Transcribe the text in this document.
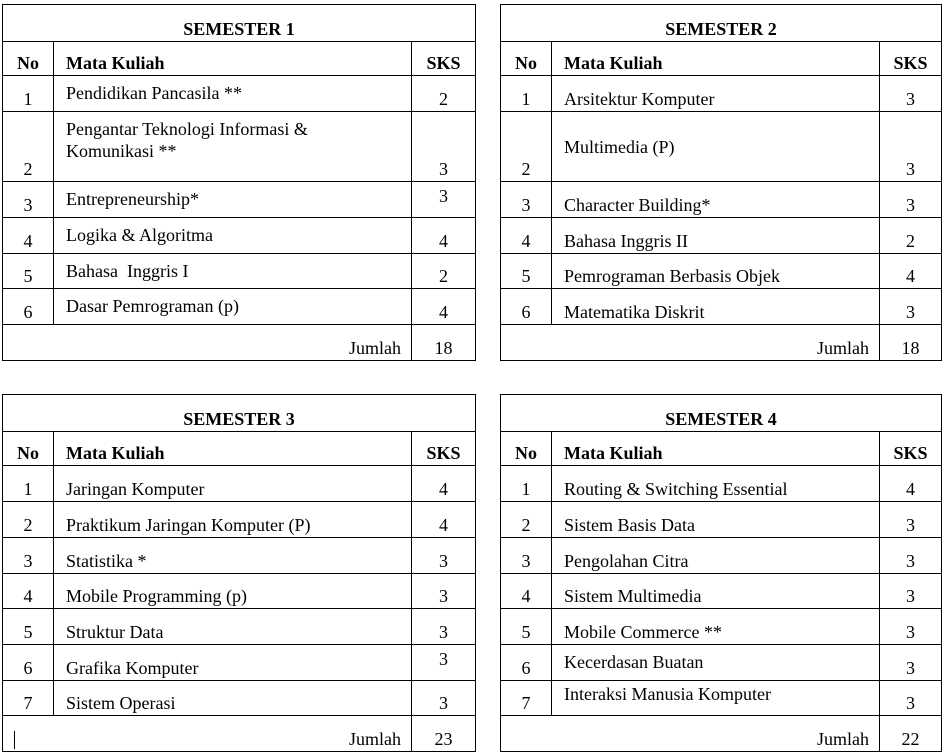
SEMESTER 1		
No	Mata Kuliah	SKS
1	Pendidikan Pancasila **	2
2	Pengantar Teknologi Informasi & Komunikasi **	3
3	Entrepreneurship*	3
4	Logika & Algoritma	4
5	Bahasa  Inggris I	2
6	Dasar Pemrograman (p)	4
Jumlah		18
SEMESTER 2		
No	Mata Kuliah	SKS
1	Arsitektur Komputer	3
2	Multimedia (P)	3
3	Character Building*	3
4	Bahasa Inggris II	2
5	Pemrograman Berbasis Objek	4
6	Matematika Diskrit	3
Jumlah		18
SEMESTER 3		
No	Mata Kuliah	SKS
1	Jaringan Komputer	4
2	Praktikum Jaringan Komputer (P)	4
3	Statistika *	3
4	Mobile Programming (p)	3
5	Struktur Data	3
6	Grafika Komputer	3
7	Sistem Operasi	3
Jumlah		23
SEMESTER 4		
No	Mata Kuliah	SKS
1	Routing & Switching Essential	4
2	Sistem Basis Data	3
3	Pengolahan Citra	3
4	Sistem Multimedia	3
5	Mobile Commerce **	3
6	Kecerdasan Buatan	3
7	Interaksi Manusia Komputer	3
Jumlah		22
